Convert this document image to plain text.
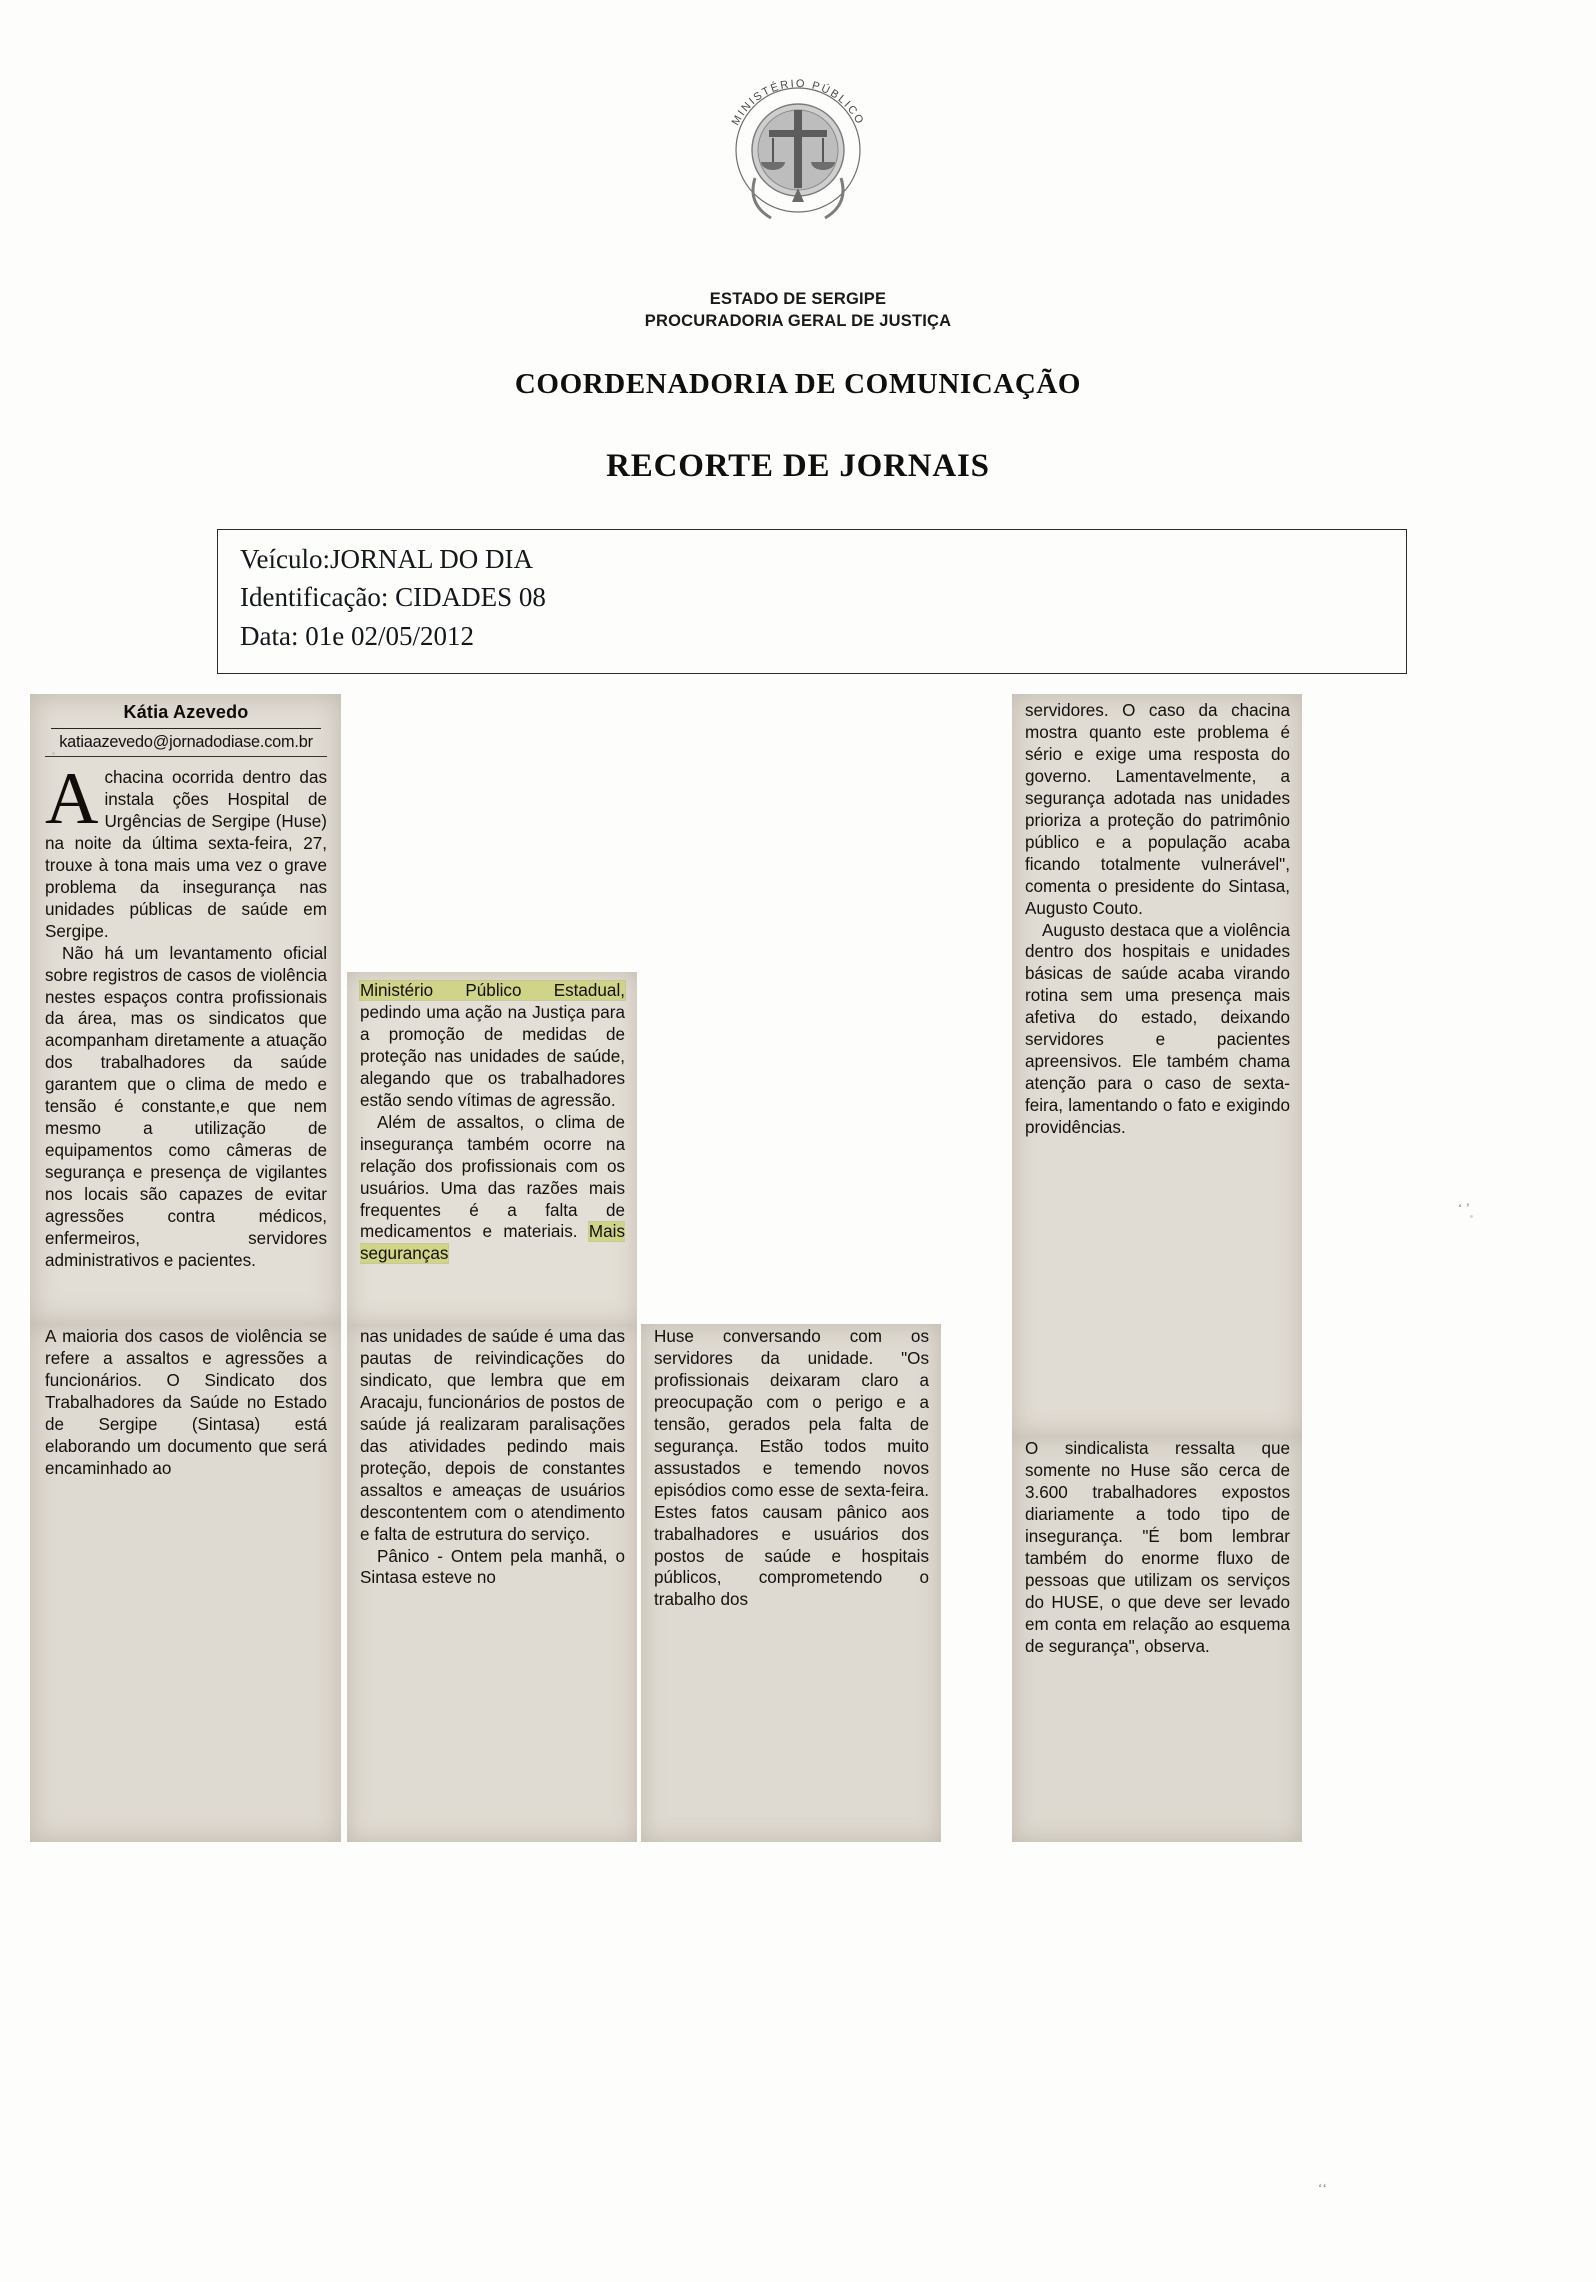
MINISTÉRIO PÚBLICO
ESTADO DE SERGIPE
PROCURADORIA GERAL DE JUSTIÇA
COORDENADORIA DE COMUNICAÇÃO
RECORTE DE JORNAIS
Veículo:JORNAL DO DIA
Identificação: CIDADES 08
Data: 01e 02/05/2012
Kátia Azevedo
katiaazevedo@jornadodiase.com.br

Achacina ocorrida dentro das instala ções Hospital de Urgências de Sergipe (Huse) na noite da última sexta-feira, 27, trouxe à tona mais uma vez o grave problema da insegurança nas unidades públicas de saúde em Sergipe.

Não há um levantamento oficial sobre registros de casos de violência nestes espaços contra profissionais da área, mas os sindicatos que acompanham diretamente a atuação dos trabalhadores da saúde garantem que o clima de medo e tensão é constante,e que nem mesmo a utilização de equipamentos como câmeras de segurança e presença de vigilantes nos locais são capazes de evitar agressões contra médicos, enfermeiros, servidores administrativos e pacientes.

A maioria dos casos de violência se refere a assaltos e agressões a funcionários. O Sindicato dos Trabalhadores da Saúde no Estado de Sergipe (Sintasa) está elaborando um documento que será encaminhado ao

Ministério Público Estadual, pedindo uma ação na Justiça para a promoção de medidas de proteção nas unidades de saúde, alegando que os trabalhadores estão sendo vítimas de agressão.

Além de assaltos, o clima de insegurança também ocorre na relação dos profissionais com os usuários. Uma das razões mais frequentes é a falta de medicamentos e materiais. Mais seguranças

nas unidades de saúde é uma das pautas de reivindicações do sindicato, que lembra que em Aracaju, funcionários de postos de saúde já realizaram paralisações das atividades pedindo mais proteção, depois de constantes assaltos e ameaças de usuários descontentem com o atendimento e falta de estrutura do serviço.

Pânico - Ontem pela manhã, o Sintasa esteve no

Huse conversando com os servidores da unidade. "Os profissionais deixaram claro a preocupação com o perigo e a tensão, gerados pela falta de segurança. Estão todos muito assustados e temendo novos episódios como esse de sexta-feira. Estes fatos causam pânico aos trabalhadores e usuários dos postos de saúde e hospitais públicos, comprometendo o trabalho dos

servidores. O caso da chacina mostra quanto este problema é sério e exige uma resposta do governo. Lamentavelmente, a segurança adotada nas unidades prioriza a proteção do patrimônio público e a população acaba ficando totalmente vulnerável", comenta o presidente do Sintasa, Augusto Couto.

Augusto destaca que a violência dentro dos hospitais e unidades básicas de saúde acaba virando rotina sem uma presença mais afetiva do estado, deixando servidores e pacientes apreensivos. Ele também chama atenção para o caso de sexta-feira, lamentando o fato e exigindo providências.

O sindicalista ressalta que somente no Huse são cerca de 3.600 trabalhadores expostos diariamente a todo tipo de insegurança. "É bom lembrar também do enorme fluxo de pessoas que utilizam os serviços do HUSE, o que deve ser levado em conta em relação ao esquema de segurança", observa.

ʻ ʼ
ʻʻ
